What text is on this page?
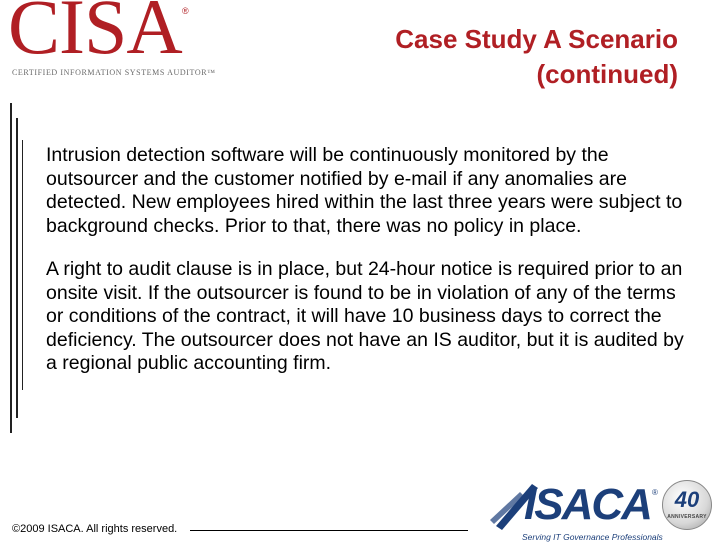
CISA ®
CERTIFIED INFORMATION SYSTEMS AUDITOR™
Case Study A Scenario
(continued)

Intrusion detection software will be continuously monitored by the outsourcer and the customer notified by e-mail if any anomalies are detected. New employees hired within the last three years were subject to background checks. Prior to that, there was no policy in place.

A right to audit clause is in place, but 24-hour notice is required prior to an onsite visit. If the outsourcer is found to be in violation of any of the terms or conditions of the contract, it will have 10 business days to correct the deficiency. The outsourcer does not have an IS auditor, but it is audited by a regional public accounting firm.

©2009 ISACA. All rights reserved.	ISACA ®
Serving IT Governance Professionals
40
ANNIVERSARY
